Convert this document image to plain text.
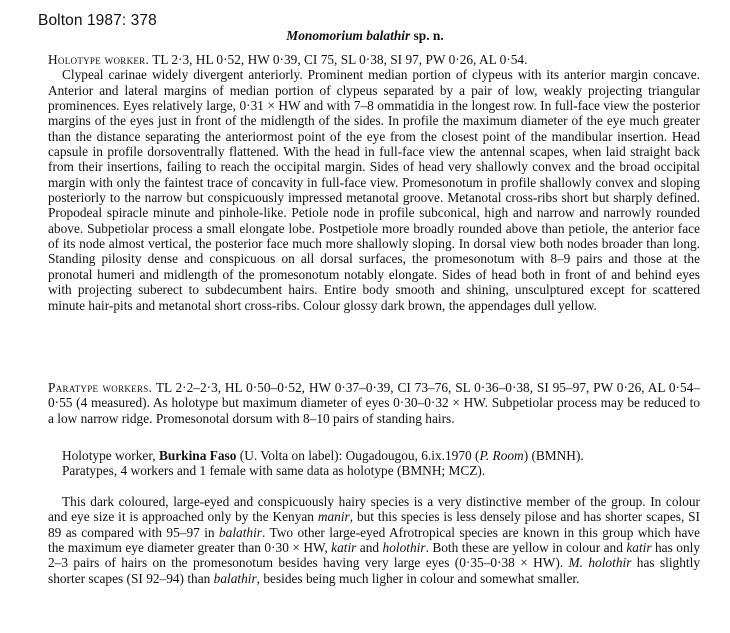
Bolton 1987: 378
Monomorium balathir sp. n.

Holotype worker. TL 2·3, HL 0·52, HW 0·39, CI 75, SL 0·38, SI 97, PW 0·26, AL 0·54.

Clypeal carinae widely divergent anteriorly. Prominent median portion of clypeus with its anterior margin concave. Anterior and lateral margins of median portion of clypeus separated by a pair of low, weakly projecting triangular prominences. Eyes relatively large, 0·31 × HW and with 7–8 ommatidia in the longest row. In full-face view the posterior margins of the eyes just in front of the midlength of the sides. In profile the maximum diameter of the eye much greater than the distance separating the anteriormost point of the eye from the closest point of the mandibular insertion. Head capsule in profile dorsoventrally flattened. With the head in full-face view the antennal scapes, when laid straight back from their insertions, failing to reach the occipital margin. Sides of head very shallowly convex and the broad occipital margin with only the faintest trace of concavity in full-face view. Promesonotum in profile shallowly convex and sloping posteriorly to the narrow but conspicuously impressed metanotal groove. Metanotal cross-ribs short but sharply defined. Propodeal spiracle minute and pinhole-like. Petiole node in profile subconical, high and narrow and narrowly rounded above. Subpetiolar process a small elongate lobe. Postpetiole more broadly rounded above than petiole, the anterior face of its node almost vertical, the posterior face much more shallowly sloping. In dorsal view both nodes broader than long. Standing pilosity dense and conspicuous on all dorsal surfaces, the promesonotum with 8–9 pairs and those at the pronotal humeri and midlength of the promesonotum notably elongate. Sides of head both in front of and behind eyes with projecting suberect to subdecumbent hairs. Entire body smooth and shining, unsculptured except for scattered minute hair-pits and metanotal short cross-ribs. Colour glossy dark brown, the appendages dull yellow.

Paratype workers. TL 2·2–2·3, HL 0·50–0·52, HW 0·37–0·39, CI 73–76, SL 0·36–0·38, SI 95–97, PW 0·26, AL 0·54–0·55 (4 measured). As holotype but maximum diameter of eyes 0·30–0·32 × HW. Subpetiolar process may be reduced to a low narrow ridge. Promesonotal dorsum with 8–10 pairs of standing hairs.

Holotype worker, Burkina Faso (U. Volta on label): Ougadougou, 6.ix.1970 (P. Room) (BMNH).

Paratypes, 4 workers and 1 female with same data as holotype (BMNH; MCZ).

This dark coloured, large-eyed and conspicuously hairy species is a very distinctive member of the group. In colour and eye size it is approached only by the Kenyan manir, but this species is less densely pilose and has shorter scapes, SI 89 as compared with 95–97 in balathir. Two other large-eyed Afrotropical species are known in this group which have the maximum eye diameter greater than 0·30 × HW, katir and holothir. Both these are yellow in colour and katir has only 2–3 pairs of hairs on the promesonotum besides having very large eyes (0·35–0·38 × HW). M. holothir has slightly shorter scapes (SI 92–94) than balathir, besides being much ligher in colour and somewhat smaller.
